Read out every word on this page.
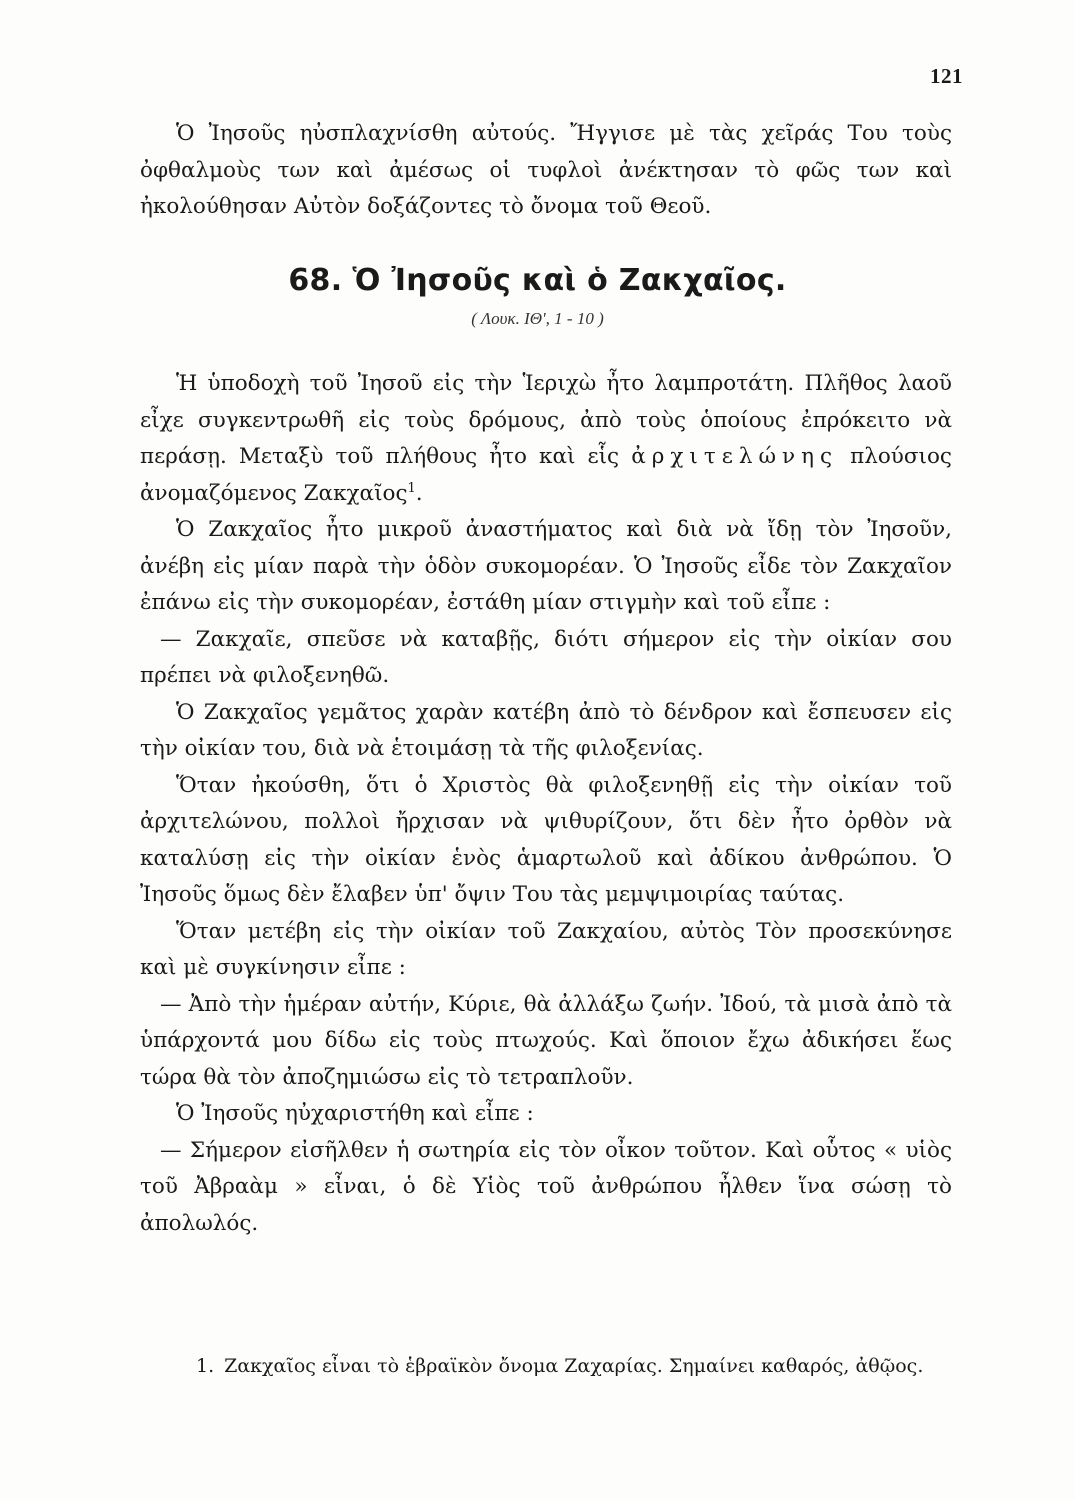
121

Ὁ Ἰησοῦς ηὐσπλαχνίσθη αὐτούς. Ἤγγισε μὲ τὰς χεῖράς Του τοὺς ὀφθαλμοὺς των καὶ ἀμέσως οἱ τυφλοὶ ἀνέκτησαν τὸ φῶς των καὶ ἠκολούθησαν Αὐτὸν δοξάζοντες τὸ ὄνομα τοῦ Θεοῦ.

68. Ὁ Ἰησοῦς καὶ ὁ Ζακχαῖος.
( Λουκ. ΙΘ', 1 - 10 )

Ἡ ὑποδοχὴ τοῦ Ἰησοῦ εἰς τὴν Ἱεριχὼ ἦτο λαμπροτάτη. Πλῆθος λαοῦ εἶχε συγκεντρωθῆ εἰς τοὺς δρόμους, ἀπὸ τοὺς ὁποίους ἐπρόκειτο νὰ περάσῃ. Μεταξὺ τοῦ πλήθους ἦτο καὶ εἷς ἀρχιτελώνης πλούσιος ἀνομαζόμενος Ζακχαῖος$^1$.

Ὁ Ζακχαῖος ἦτο μικροῦ ἀναστήματος καὶ διὰ νὰ ἴδῃ τὸν Ἰησοῦν, ἀνέβη εἰς μίαν παρὰ τὴν ὁδὸν συκομορέαν. Ὁ Ἰησοῦς εἶδε τὸν Ζακχαῖον ἐπάνω εἰς τὴν συκομορέαν, ἐστάθη μίαν στιγμὴν καὶ τοῦ εἶπε :

— Ζακχαῖε, σπεῦσε νὰ καταβῇς, διότι σήμερον εἰς τὴν οἰκίαν σου πρέπει νὰ φιλοξενηθῶ.

Ὁ Ζακχαῖος γεμᾶτος χαρὰν κατέβη ἀπὸ τὸ δένδρον καὶ ἔσπευσεν εἰς τὴν οἰκίαν του, διὰ νὰ ἑτοιμάσῃ τὰ τῆς φιλοξενίας.

Ὅταν ἠκούσθη, ὅτι ὁ Χριστὸς θὰ φιλοξενηθῇ εἰς τὴν οἰκίαν τοῦ ἀρχιτελώνου, πολλοὶ ἤρχισαν νὰ ψιθυρίζουν, ὅτι δὲν ἦτο ὀρθὸν νὰ καταλύσῃ εἰς τὴν οἰκίαν ἑνὸς ἁμαρτωλοῦ καὶ ἀδίκου ἀνθρώπου. Ὁ Ἰησοῦς ὅμως δὲν ἔλαβεν ὑπ' ὄψιν Του τὰς μεμψιμοιρίας ταύτας.

Ὅταν μετέβη εἰς τὴν οἰκίαν τοῦ Ζακχαίου, αὐτὸς Τὸν προσεκύνησε καὶ μὲ συγκίνησιν εἶπε :

— Ἀπὸ τὴν ἡμέραν αὐτήν, Κύριε, θὰ ἀλλάξω ζωήν. Ἰδού, τὰ μισὰ ἀπὸ τὰ ὑπάρχοντά μου δίδω εἰς τοὺς πτωχούς. Καὶ ὅποιον ἔχω ἀδικήσει ἕως τώρα θὰ τὸν ἀποζημιώσω εἰς τὸ τετραπλοῦν.

Ὁ Ἰησοῦς ηὐχαριστήθη καὶ εἶπε :

— Σήμερον εἰσῆλθεν ἡ σωτηρία εἰς τὸν οἶκον τοῦτον. Καὶ οὗτος « υἱὸς τοῦ Ἀβραὰμ » εἶναι, ὁ δὲ Υἱὸς τοῦ ἀνθρώπου ἦλθεν ἵνα σώσῃ τὸ ἀπολωλός.

1. Ζακχαῖος εἶναι τὸ ἑβραϊκὸν ὄνομα Ζαχαρίας. Σημαίνει καθαρός, ἀθῷος.
